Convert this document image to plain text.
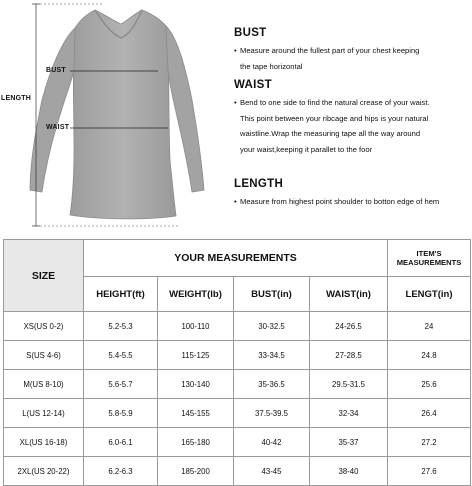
LENGTH
BUST
WAIST
BUST

• Measure around the fullest part of your chest keeping

the tape horizontal

WAIST

• Bend to one side to find the natural crease of your waist.

This point between your ribcage and hips is your natural

waistline.Wrap the measuring tape all the way around

your waist,keeping it parallet to the foor

LENGTH

• Measure from highest point shoulder to botton edge of hem

SIZE	YOUR MEASUREMENTS				ITEM'S
MEASUREMENTS
	HEIGHT(ft)	WEIGHT(lb)	BUST(in)	WAIST(in)	LENGT(in)
XS(US 0-2)	5.2-5.3	100-110	30-32.5	24-26.5	24
S(US 4-6)	5.4-5.5	115-125	33-34.5	27-28.5	24.8
M(US 8-10)	5.6-5.7	130-140	35-36.5	29.5-31.5	25.6
L(US 12-14)	5.8-5.9	145-155	37.5-39.5	32-34	26.4
XL(US 16-18)	6.0-6.1	165-180	40-42	35-37	27.2
2XL(US 20-22)	6.2-6.3	185-200	43-45	38-40	27.6
